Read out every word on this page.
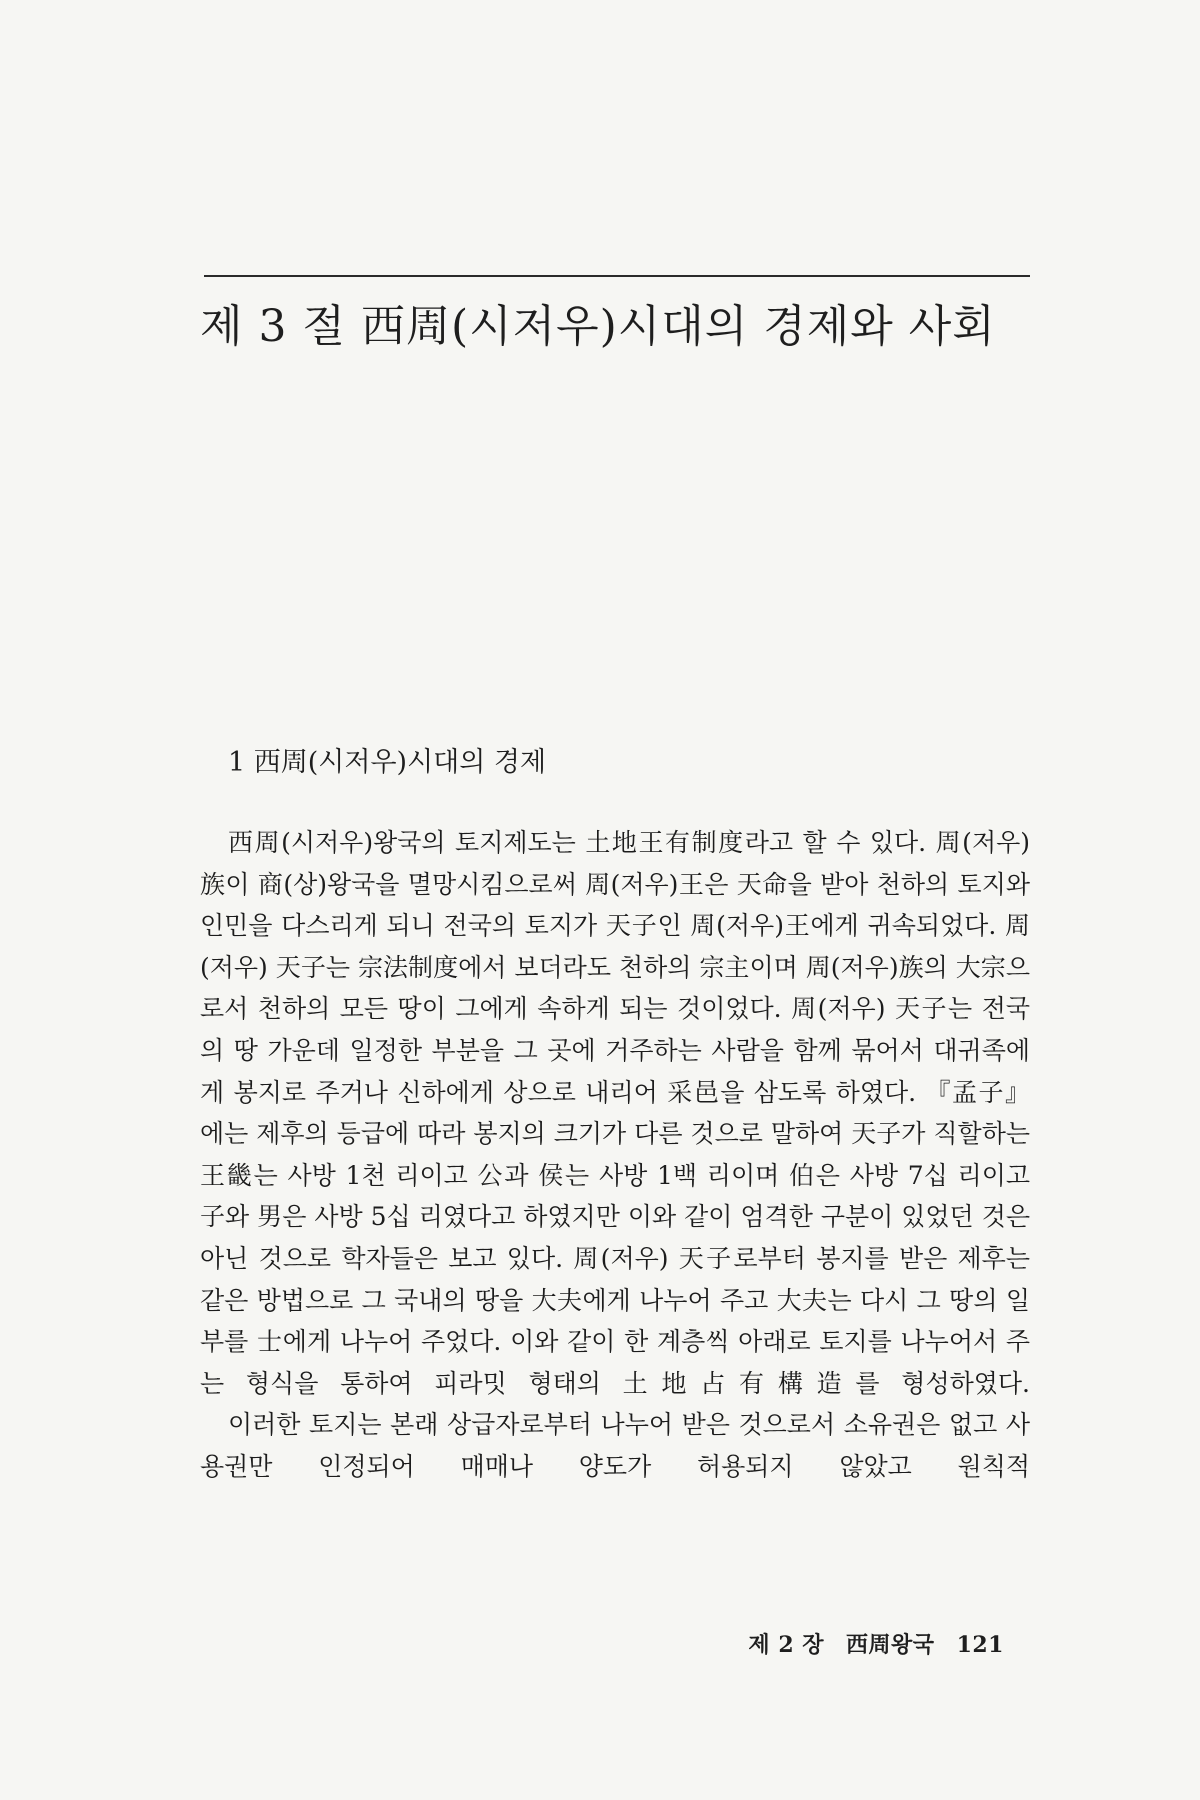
제 3 절 西周(시저우)시대의 경제와 사회
1 西周(시저우)시대의 경제

西周(시저우)왕국의 토지제도는 土地王有制度라고 할 수 있다. 周(저우)族이 商(상)왕국을 멸망시킴으로써 周(저우)王은 天命을 받아 천하의 토지와 인민을 다스리게 되니 전국의 토지가 天子인 周(저우)王에게 귀속되었다. 周(저우) 天子는 宗法制度에서 보더라도 천하의 宗主이며 周(저우)族의 大宗으로서 천하의 모든 땅이 그에게 속하게 되는 것이었다. 周(저우) 天子는 전국의 땅 가운데 일정한 부분을 그 곳에 거주하는 사람을 함께 묶어서 대귀족에게 봉지로 주거나 신하에게 상으로 내리어 采邑을 삼도록 하였다. 『孟子』에는 제후의 등급에 따라 봉지의 크기가 다른 것으로 말하여 天子가 직할하는 王畿는 사방 1천 리이고 公과 侯는 사방 1백 리이며 伯은 사방 7십 리이고 子와 男은 사방 5십 리였다고 하였지만 이와 같이 엄격한 구분이 있었던 것은 아닌 것으로 학자들은 보고 있다. 周(저우) 天子로부터 봉지를 받은 제후는 같은 방법으로 그 국내의 땅을 大夫에게 나누어 주고 大夫는 다시 그 땅의 일부를 士에게 나누어 주었다. 이와 같이 한 계층씩 아래로 토지를 나누어서 주는 형식을 통하여 피라밋 형태의 土地占有構造를 형성하였다.

이러한 토지는 본래 상급자로부터 나누어 받은 것으로서 소유권은 없고 사용권만 인정되어 매매나 양도가 허용되지 않았고 원칙적

제 2 장 西周왕국 121
